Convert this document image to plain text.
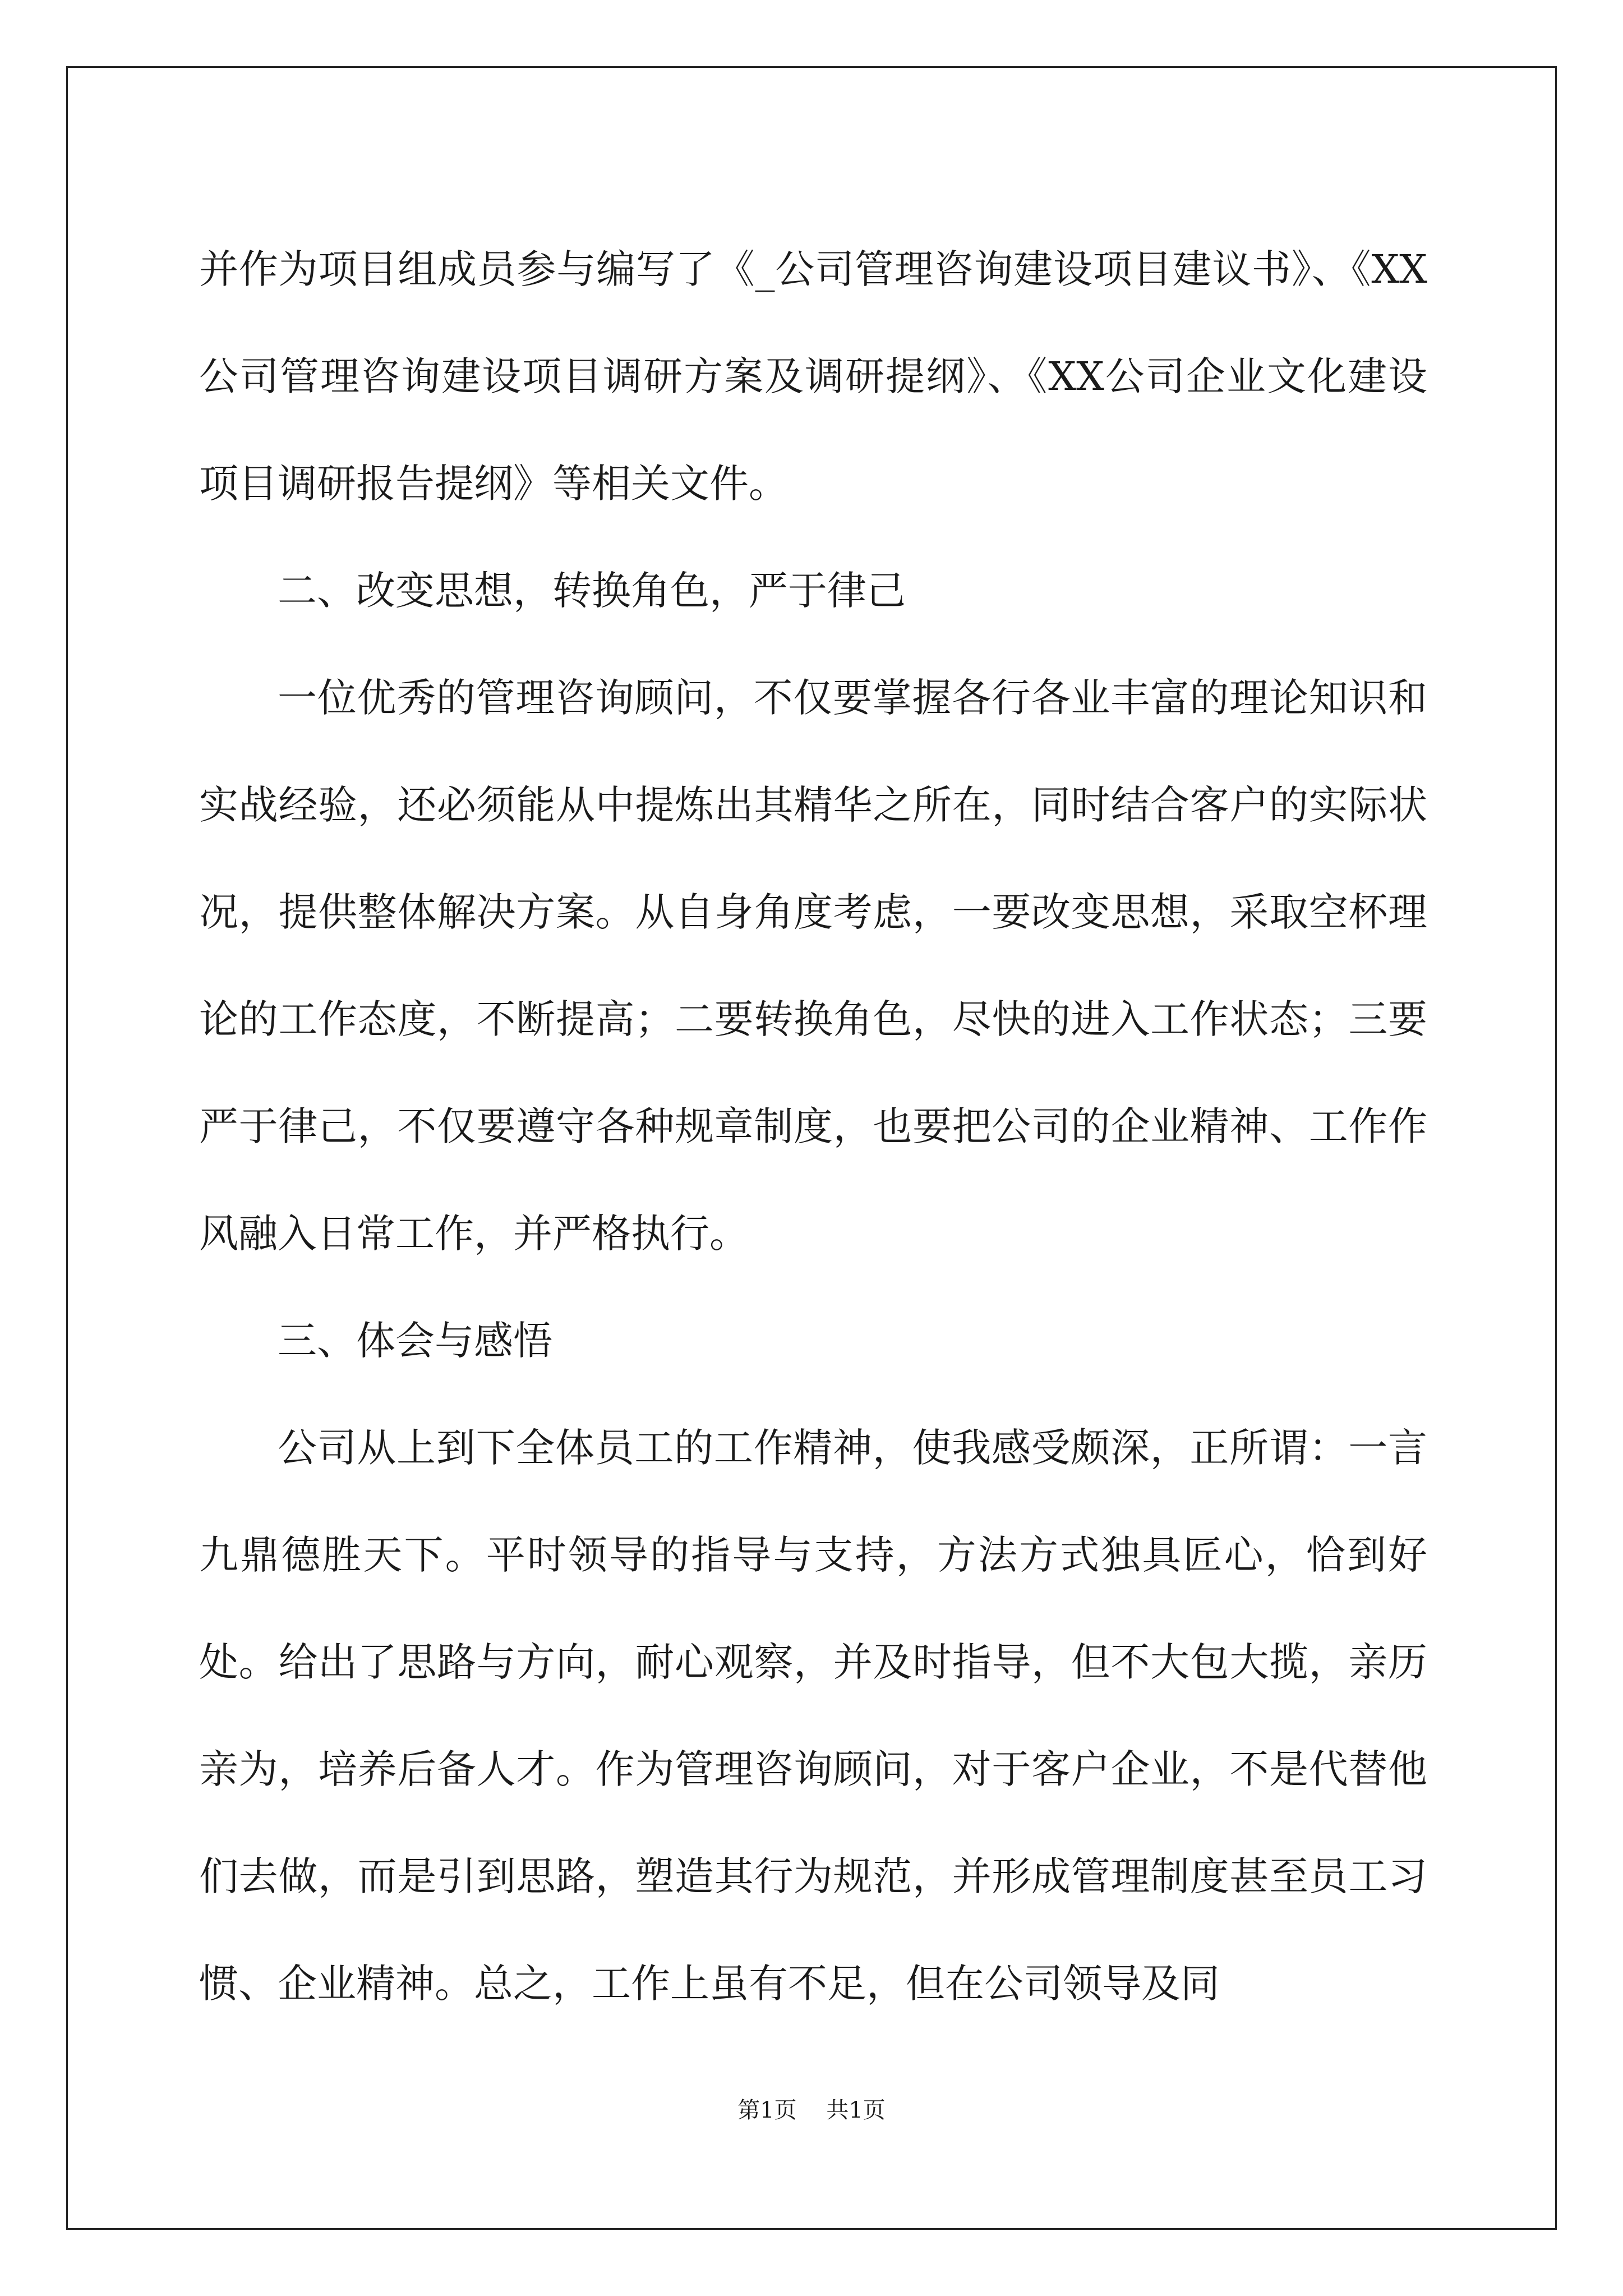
并作为项目组成员参与编写了《_公司管理咨询建设项目建议书》、《XX公司管理咨询建设项目调研方案及调研提纲》、《XX公司企业文化建设项目调研报告提纲》等相关文件。

二、改变思想，转换角色，严于律己

一位优秀的管理咨询顾问，不仅要掌握各行各业丰富的理论知识和实战经验，还必须能从中提炼出其精华之所在，同时结合客户的实际状况，提供整体解决方案。从自身角度考虑，一要改变思想，采取空杯理论的工作态度，不断提高；二要转换角色，尽快的进入工作状态；三要严于律己，不仅要遵守各种规章制度，也要把公司的企业精神、工作作风融入日常工作，并严格执行。

三、体会与感悟

公司从上到下全体员工的工作精神，使我感受颇深，正所谓：一言九鼎德胜天下。平时领导的指导与支持，方法方式独具匠心，恰到好处。给出了思路与方向，耐心观察，并及时指导，但不大包大揽，亲历亲为，培养后备人才。作为管理咨询顾问，对于客户企业，不是代替他们去做，而是引到思路，塑造其行为规范，并形成管理制度甚至员工习惯、企业精神。总之，工作上虽有不足，但在公司领导及同

第1页 共1页
